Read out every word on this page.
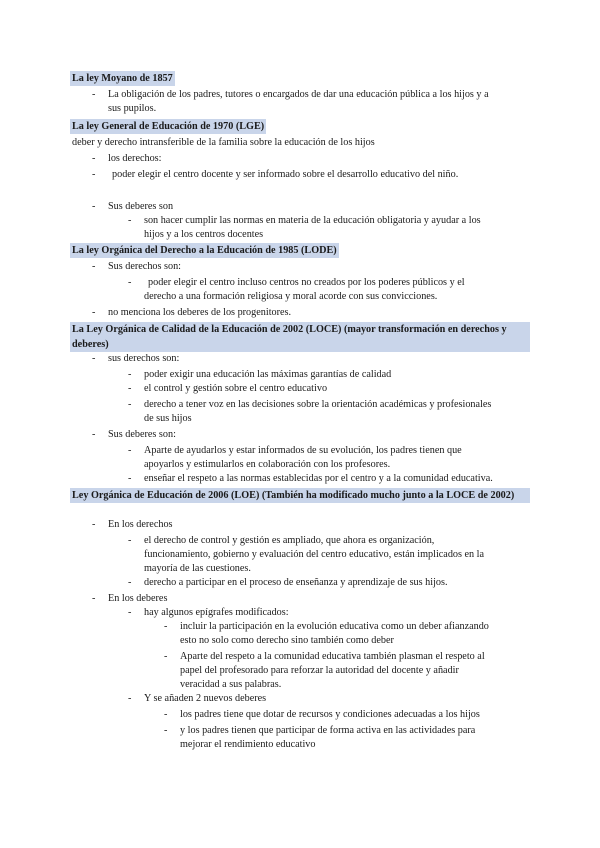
La ley Moyano de 1857
- La obligación de los padres, tutores o encargados de dar una educación pública a los hijos y a
sus pupilos.
La ley General de Educación de 1970 (LGE)
deber y derecho intransferible de la familia sobre la educación de los hijos
- los derechos:
- poder elegir el centro docente y ser informado sobre el desarrollo educativo del niño.
- Sus deberes son
- son hacer cumplir las normas en materia de la educación obligatoria y ayudar a los
hijos y a los centros docentes
La ley Orgánica del Derecho a la Educación de 1985 (LODE)
- Sus derechos son:
- poder elegir el centro incluso centros no creados por los poderes públicos y el
derecho a una formación religiosa y moral acorde con sus convicciones.
- no menciona los deberes de los progenitores.
La Ley Orgánica de Calidad de la Educación de 2002 (LOCE) (mayor transformación en derechos y deberes)
- sus derechos son:
- poder exigir una educación las máximas garantías de calidad
- el control y gestión sobre el centro educativo
- derecho a tener voz en las decisiones sobre la orientación académicas y profesionales
de sus hijos
- Sus deberes son:
- Aparte de ayudarlos y estar informados de su evolución, los padres tienen que
apoyarlos y estimularlos en colaboración con los profesores.
- enseñar el respeto a las normas establecidas por el centro y a la comunidad educativa.
Ley Orgánica de Educación de 2006 (LOE) (También ha modificado mucho junto a la LOCE de 2002)
- En los derechos
- el derecho de control y gestión es ampliado, que ahora es organización,
funcionamiento, gobierno y evaluación del centro educativo, están implicados en la
mayoría de las cuestiones.
- derecho a participar en el proceso de enseñanza y aprendizaje de sus hijos.
- En los deberes
- hay algunos epígrafes modificados:
- incluir la participación en la evolución educativa como un deber afianzando
esto no solo como derecho sino también como deber
- Aparte del respeto a la comunidad educativa también plasman el respeto al
papel del profesorado para reforzar la autoridad del docente y añadir
veracidad a sus palabras.
- Y se añaden 2 nuevos deberes
- los padres tiene que dotar de recursos y condiciones adecuadas a los hijos
- y los padres tienen que participar de forma activa en las actividades para
mejorar el rendimiento educativo
